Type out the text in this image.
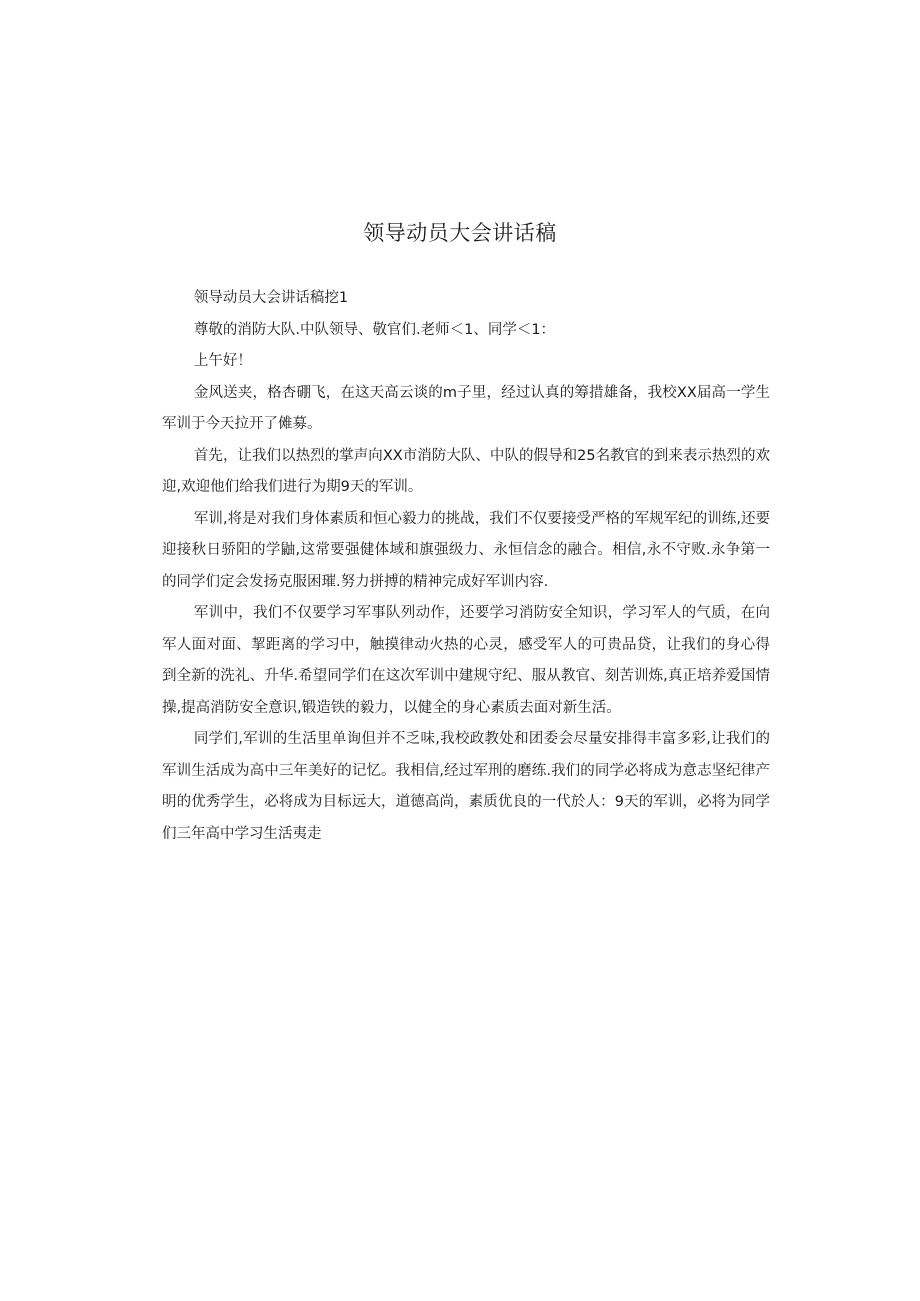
领导动员大会讲话稿

领导动员大会讲话稿挖1

尊敬的消防大队.中队领导、敬官们.老师＜1、同学＜1：

上午好！

金风送夹，格杏硼飞，在这天高云谈的m子里，经过认真的筹措雄备，我校XX届高一学生军训于今天拉开了傩募。

首先，让我们以热烈的掌声向XX市消防大队、中队的假导和25名教官的到来表示热烈的欢迎,欢迎他们给我们进行为期9天的军训。

军训,将是对我们身体素质和恒心毅力的挑战，我们不仅要接受严格的军规军纪的训练,还要迎接秋日骄阳的学鼬,这常要强健体域和旗强级力、永恒信念的融合。相信,永不守败.永争第一的同学们定会发扬克服困璀.努力拼搏的精神完成好军训内容.

军训中，我们不仅要学习军事队列动作，还要学习消防安全知识，学习军人的气质，在向军人面对面、挈距离的学习中，触摸律动火热的心灵，感受军人的可贵品贷，让我们的身心得到全新的洗礼、升华.希望同学们在这次军训中建规守纪、服从教官、刻苦训炼,真正培养爱国情操,提高消防安全意识,锻造铁的毅力，以健全的身心素质去面对新生活。

同学们,军训的生活里单询但并不乏味,我校政教处和团委会尽量安排得丰富多彩,让我们的军训生活成为高中三年美好的记忆。我相信,经过军刑的磨练.我们的同学必将成为意志坚纪律产明的优秀学生，必将成为目标远大，道德高尚，素质优良的一代於人：9天的军训，必将为同学们三年高中学习生活夷走
